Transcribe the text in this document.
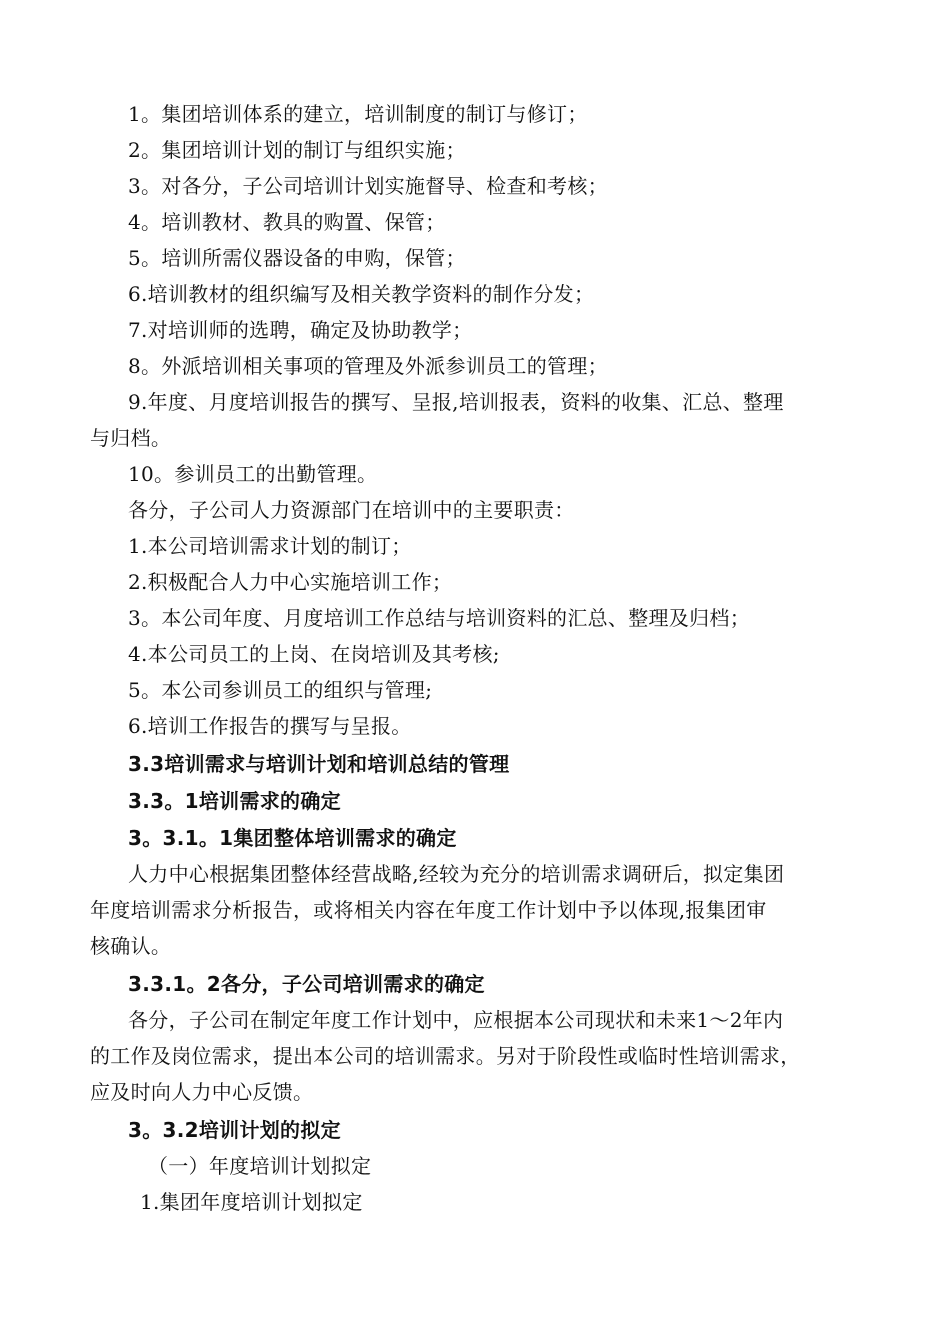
1。集团培训体系的建立，培训制度的制订与修订；
2。集团培训计划的制订与组织实施；
3。对各分，子公司培训计划实施督导、检查和考核；
4。培训教材、教具的购置、保管；
5。培训所需仪器设备的申购，保管；
6.培训教材的组织编写及相关教学资料的制作分发；
7.对培训师的选聘，确定及协助教学；
8。外派培训相关事项的管理及外派参训员工的管理；
9.年度、月度培训报告的撰写、呈报,培训报表，资料的收集、汇总、整理
与归档。
10。参训员工的出勤管理。
各分，子公司人力资源部门在培训中的主要职责：
1.本公司培训需求计划的制订；
2.积极配合人力中心实施培训工作；
3。本公司年度、月度培训工作总结与培训资料的汇总、整理及归档；
4.本公司员工的上岗、在岗培训及其考核;
5。本公司参训员工的组织与管理;
6.培训工作报告的撰写与呈报。
3.3培训需求与培训计划和培训总结的管理
3.3。1培训需求的确定
3。3.1。1集团整体培训需求的确定
人力中心根据集团整体经营战略,经较为充分的培训需求调研后，拟定集团
年度培训需求分析报告，或将相关内容在年度工作计划中予以体现,报集团审
核确认。
3.3.1。2各分，子公司培训需求的确定
各分，子公司在制定年度工作计划中，应根据本公司现状和未来1～2年内
的工作及岗位需求，提出本公司的培训需求。另对于阶段性或临时性培训需求，
应及时向人力中心反馈。
3。3.2培训计划的拟定
（一）年度培训计划拟定
1.集团年度培训计划拟定
